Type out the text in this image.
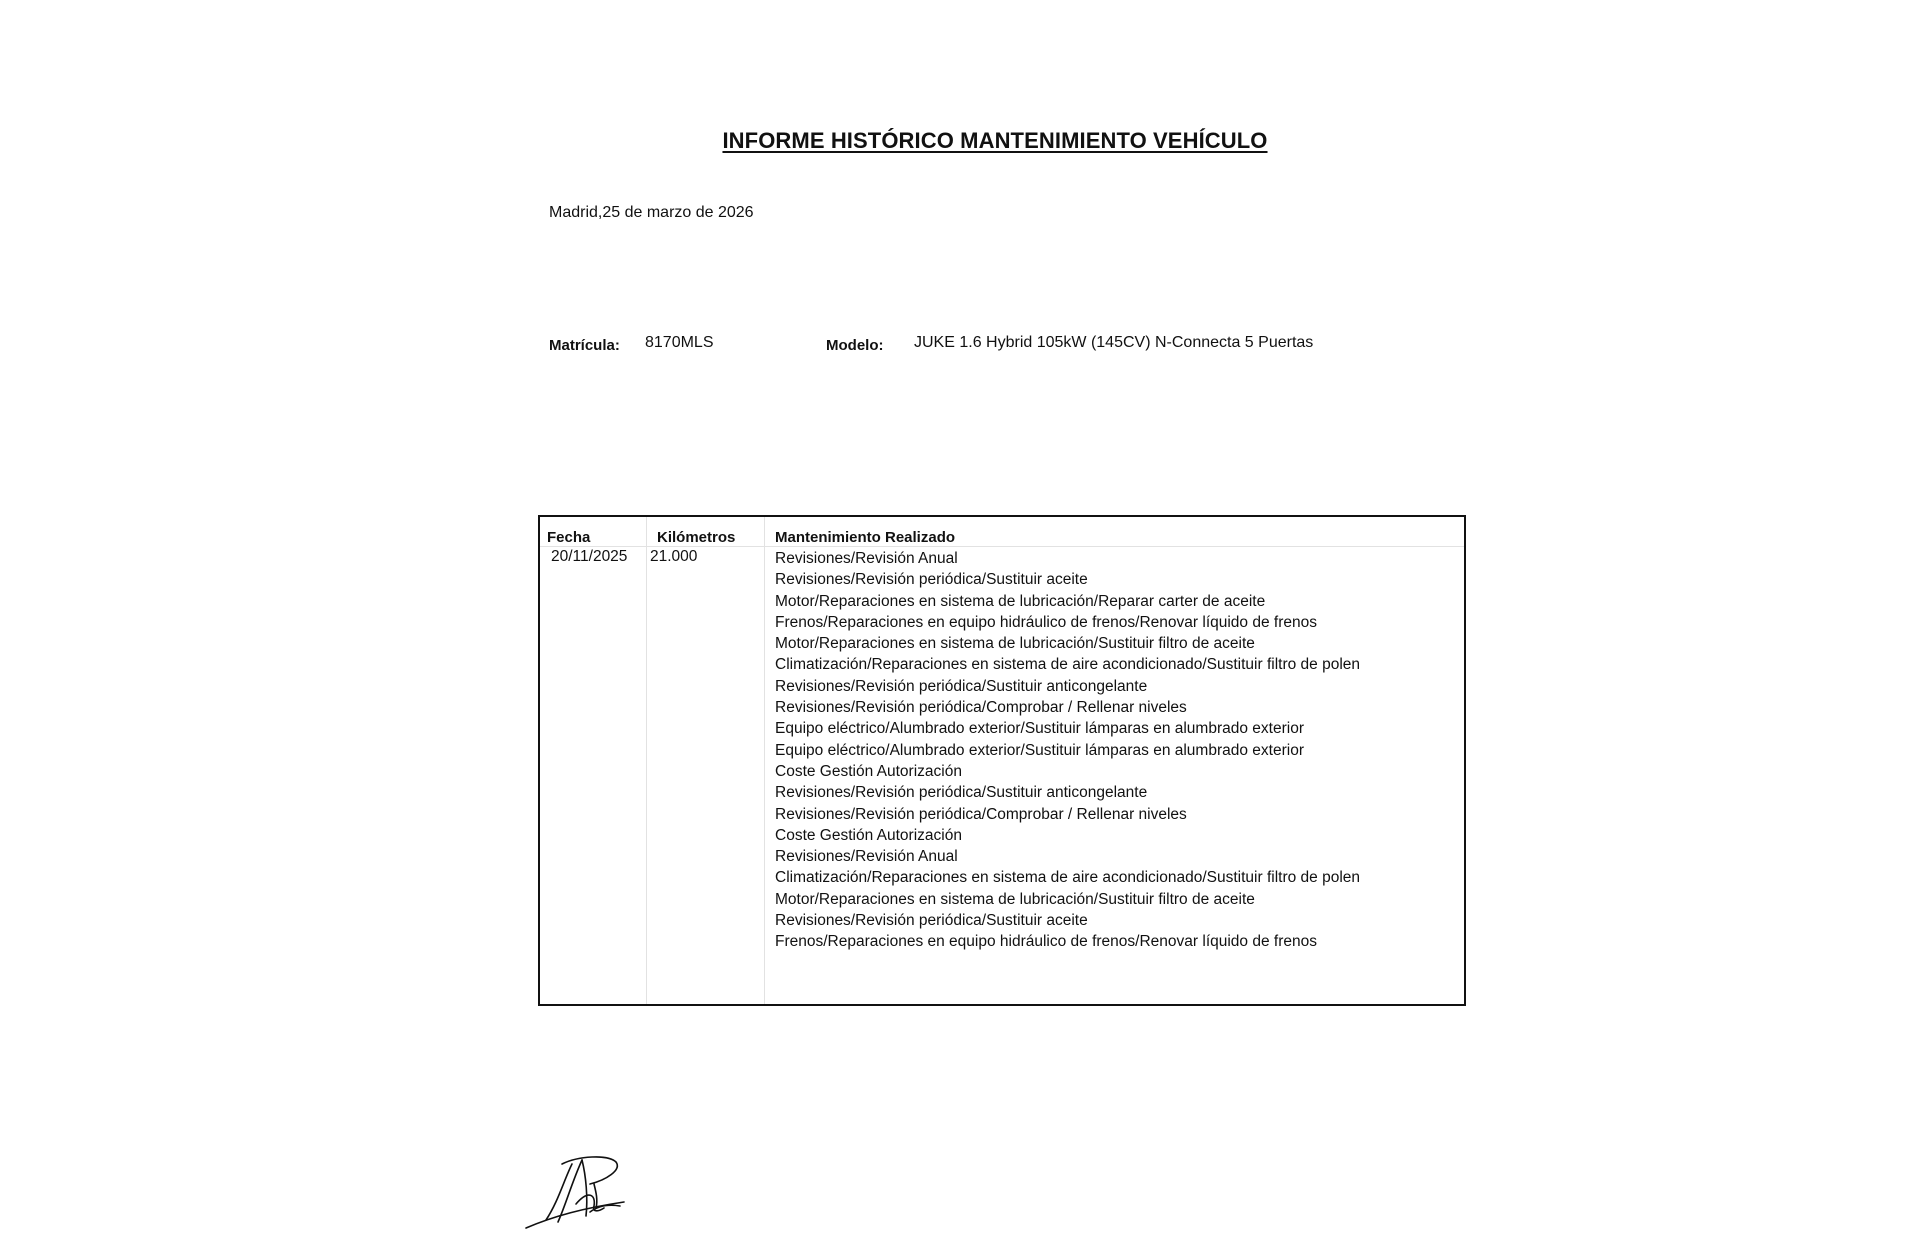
INFORME HISTÓRICO MANTENIMIENTO VEHÍCULO
Madrid,25 de marzo de 2026
Matrícula: 8170MLS	Modelo: JUKE 1.6 Hybrid 105kW (145CV) N-Connecta 5 Puertas
Fecha	Kilómetros	Mantenimiento Realizado
20/11/2025 21.000	Revisiones/Revisión Anual
Revisiones/Revisión periódica/Sustituir aceite
Motor/Reparaciones en sistema de lubricación/Reparar carter de aceite
Frenos/Reparaciones en equipo hidráulico de frenos/Renovar líquido de frenos
Motor/Reparaciones en sistema de lubricación/Sustituir filtro de aceite
Climatización/Reparaciones en sistema de aire acondicionado/Sustituir filtro de polen
Revisiones/Revisión periódica/Sustituir anticongelante
Revisiones/Revisión periódica/Comprobar / Rellenar niveles
Equipo eléctrico/Alumbrado exterior/Sustituir lámparas en alumbrado exterior
Equipo eléctrico/Alumbrado exterior/Sustituir lámparas en alumbrado exterior
Coste Gestión Autorización
Revisiones/Revisión periódica/Sustituir anticongelante
Revisiones/Revisión periódica/Comprobar / Rellenar niveles
Coste Gestión Autorización
Revisiones/Revisión Anual
Climatización/Reparaciones en sistema de aire acondicionado/Sustituir filtro de polen
Motor/Reparaciones en sistema de lubricación/Sustituir filtro de aceite
Revisiones/Revisión periódica/Sustituir aceite
Frenos/Reparaciones en equipo hidráulico de frenos/Renovar líquido de frenos
